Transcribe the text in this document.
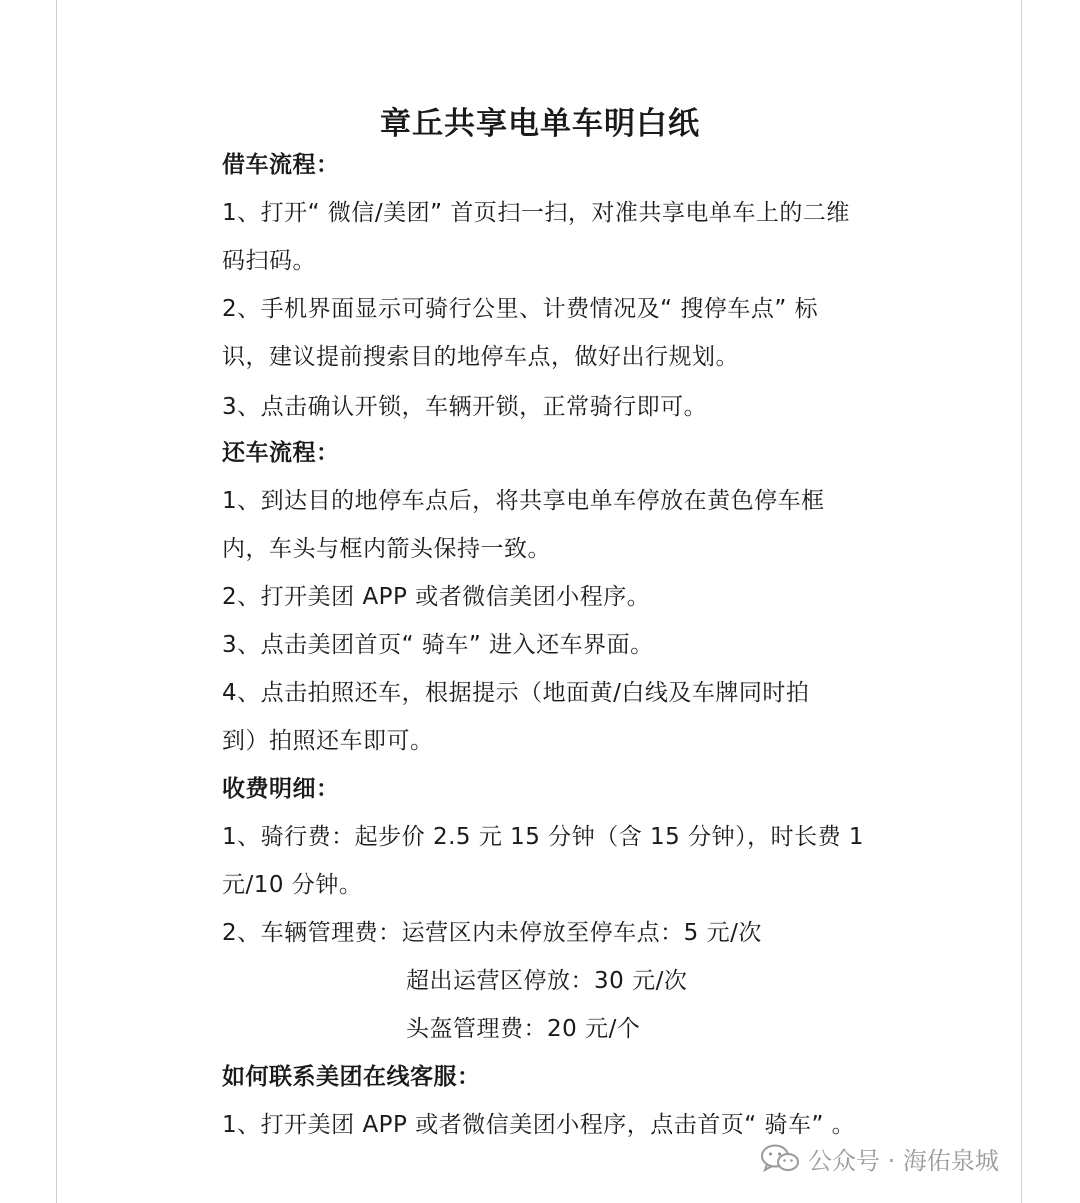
章丘共享电单车明白纸
借车流程：
1、打开“ 微信/美团” 首页扫一扫，对准共享电单车上的二维
码扫码。
2、手机界面显示可骑行公里、计费情况及“ 搜停车点” 标
识，建议提前搜索目的地停车点，做好出行规划。
3、点击确认开锁，车辆开锁，正常骑行即可。
还车流程：
1、到达目的地停车点后，将共享电单车停放在黄色停车框
内，车头与框内箭头保持一致。
2、打开美团 APP 或者微信美团小程序。
3、点击美团首页“ 骑车” 进入还车界面。
4、点击拍照还车，根据提示（地面黄/白线及车牌同时拍
到）拍照还车即可。
收费明细：
1、骑行费：起步价 2.5 元 15 分钟（含 15 分钟），时长费 1
元/10 分钟。
2、车辆管理费：运营区内未停放至停车点：5 元/次
超出运营区停放：30 元/次
头盔管理费：20 元/个
如何联系美团在线客服：
1、打开美团 APP 或者微信美团小程序，点击首页“ 骑车” 。
公众号 · 海佑泉城
